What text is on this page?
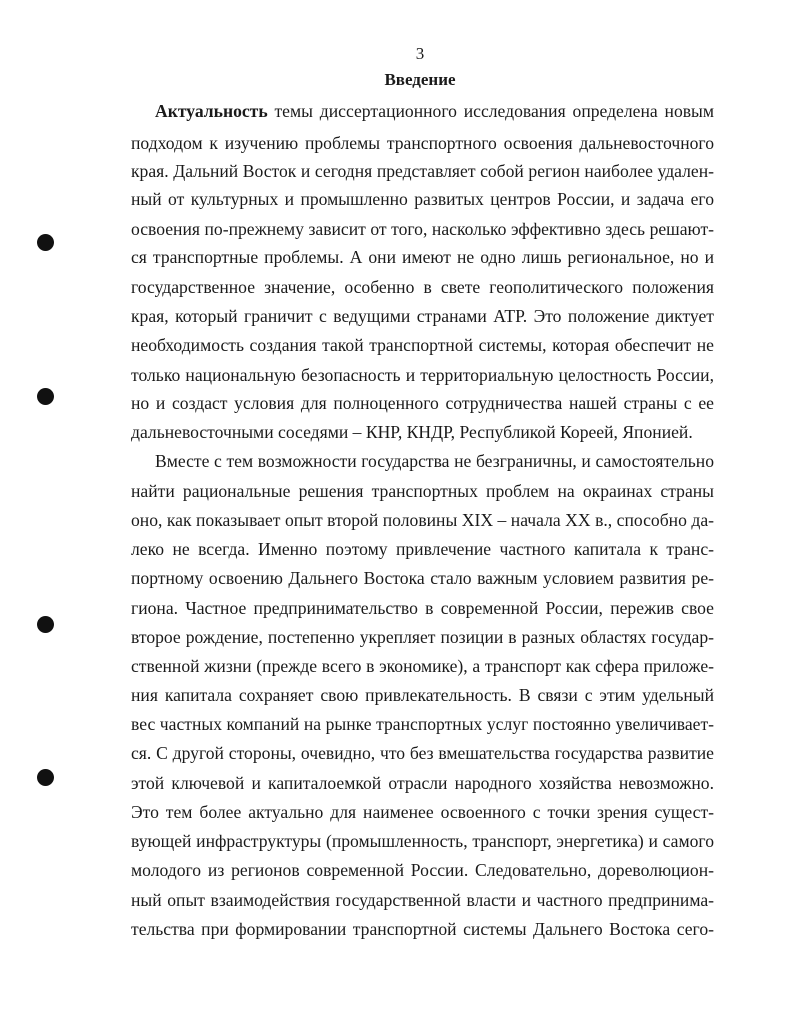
3
Введение
Актуальность темы диссертационного исследования определена новым
подходом к изучению проблемы транспортного освоения дальневосточного
края. Дальний Восток и сегодня представляет собой регион наиболее удален-
ный от культурных и промышленно развитых центров России, и задача его
освоения по-прежнему зависит от того, насколько эффективно здесь решают-
ся транспортные проблемы. А они имеют не одно лишь региональное, но и
государственное значение, особенно в свете геополитического положения
края, который граничит с ведущими странами АТР. Это положение диктует
необходимость создания такой транспортной системы, которая обеспечит не
только национальную безопасность и территориальную целостность России,
но и создаст условия для полноценного сотрудничества нашей страны с ее
дальневосточными соседями – КНР, КНДР, Республикой Кореей, Японией.
Вместе с тем возможности государства не безграничны, и самостоятельно
найти рациональные решения транспортных проблем на окраинах страны
оно, как показывает опыт второй половины XIX – начала XX в., способно да-
леко не всегда. Именно поэтому привлечение частного капитала к транс-
портному освоению Дальнего Востока стало важным условием развития ре-
гиона. Частное предпринимательство в современной России, пережив свое
второе рождение, постепенно укрепляет позиции в разных областях государ-
ственной жизни (прежде всего в экономике), а транспорт как сфера приложе-
ния капитала сохраняет свою привлекательность. В связи с этим удельный
вес частных компаний на рынке транспортных услуг постоянно увеличивает-
ся. С другой стороны, очевидно, что без вмешательства государства развитие
этой ключевой и капиталоемкой отрасли народного хозяйства невозможно.
Это тем более актуально для наименее освоенного с точки зрения сущест-
вующей инфраструктуры (промышленность, транспорт, энергетика) и самого
молодого из регионов современной России. Следовательно, дореволюцион-
ный опыт взаимодействия государственной власти и частного предпринима-
тельства при формировании транспортной системы Дальнего Востока сего-
